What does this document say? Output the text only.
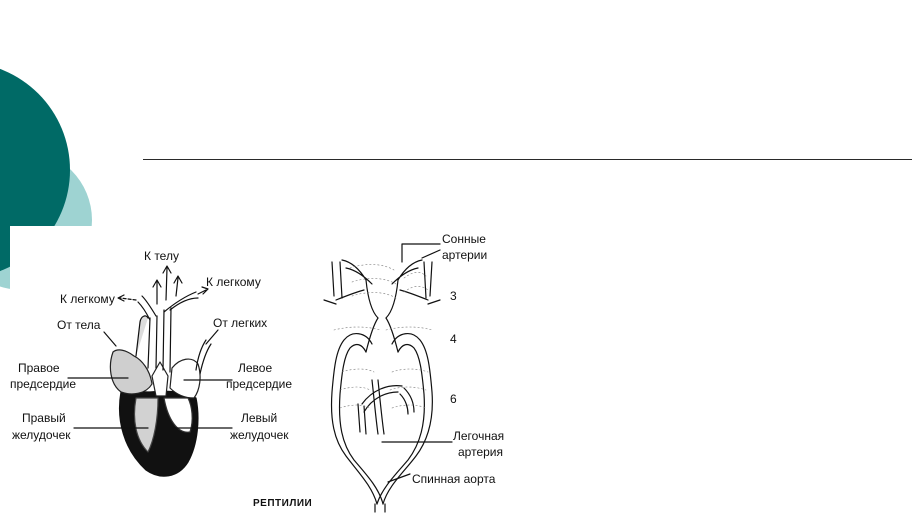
К телу
К легкому
К легкому
От тела	От легких
Правое
предсердие
Левое
предсердие
Правый
желудочек
Левый
желудочек
РЕПТИЛИИ
Сонные
артерии
3
4
6
Легочная
артерия
Спинная аорта
